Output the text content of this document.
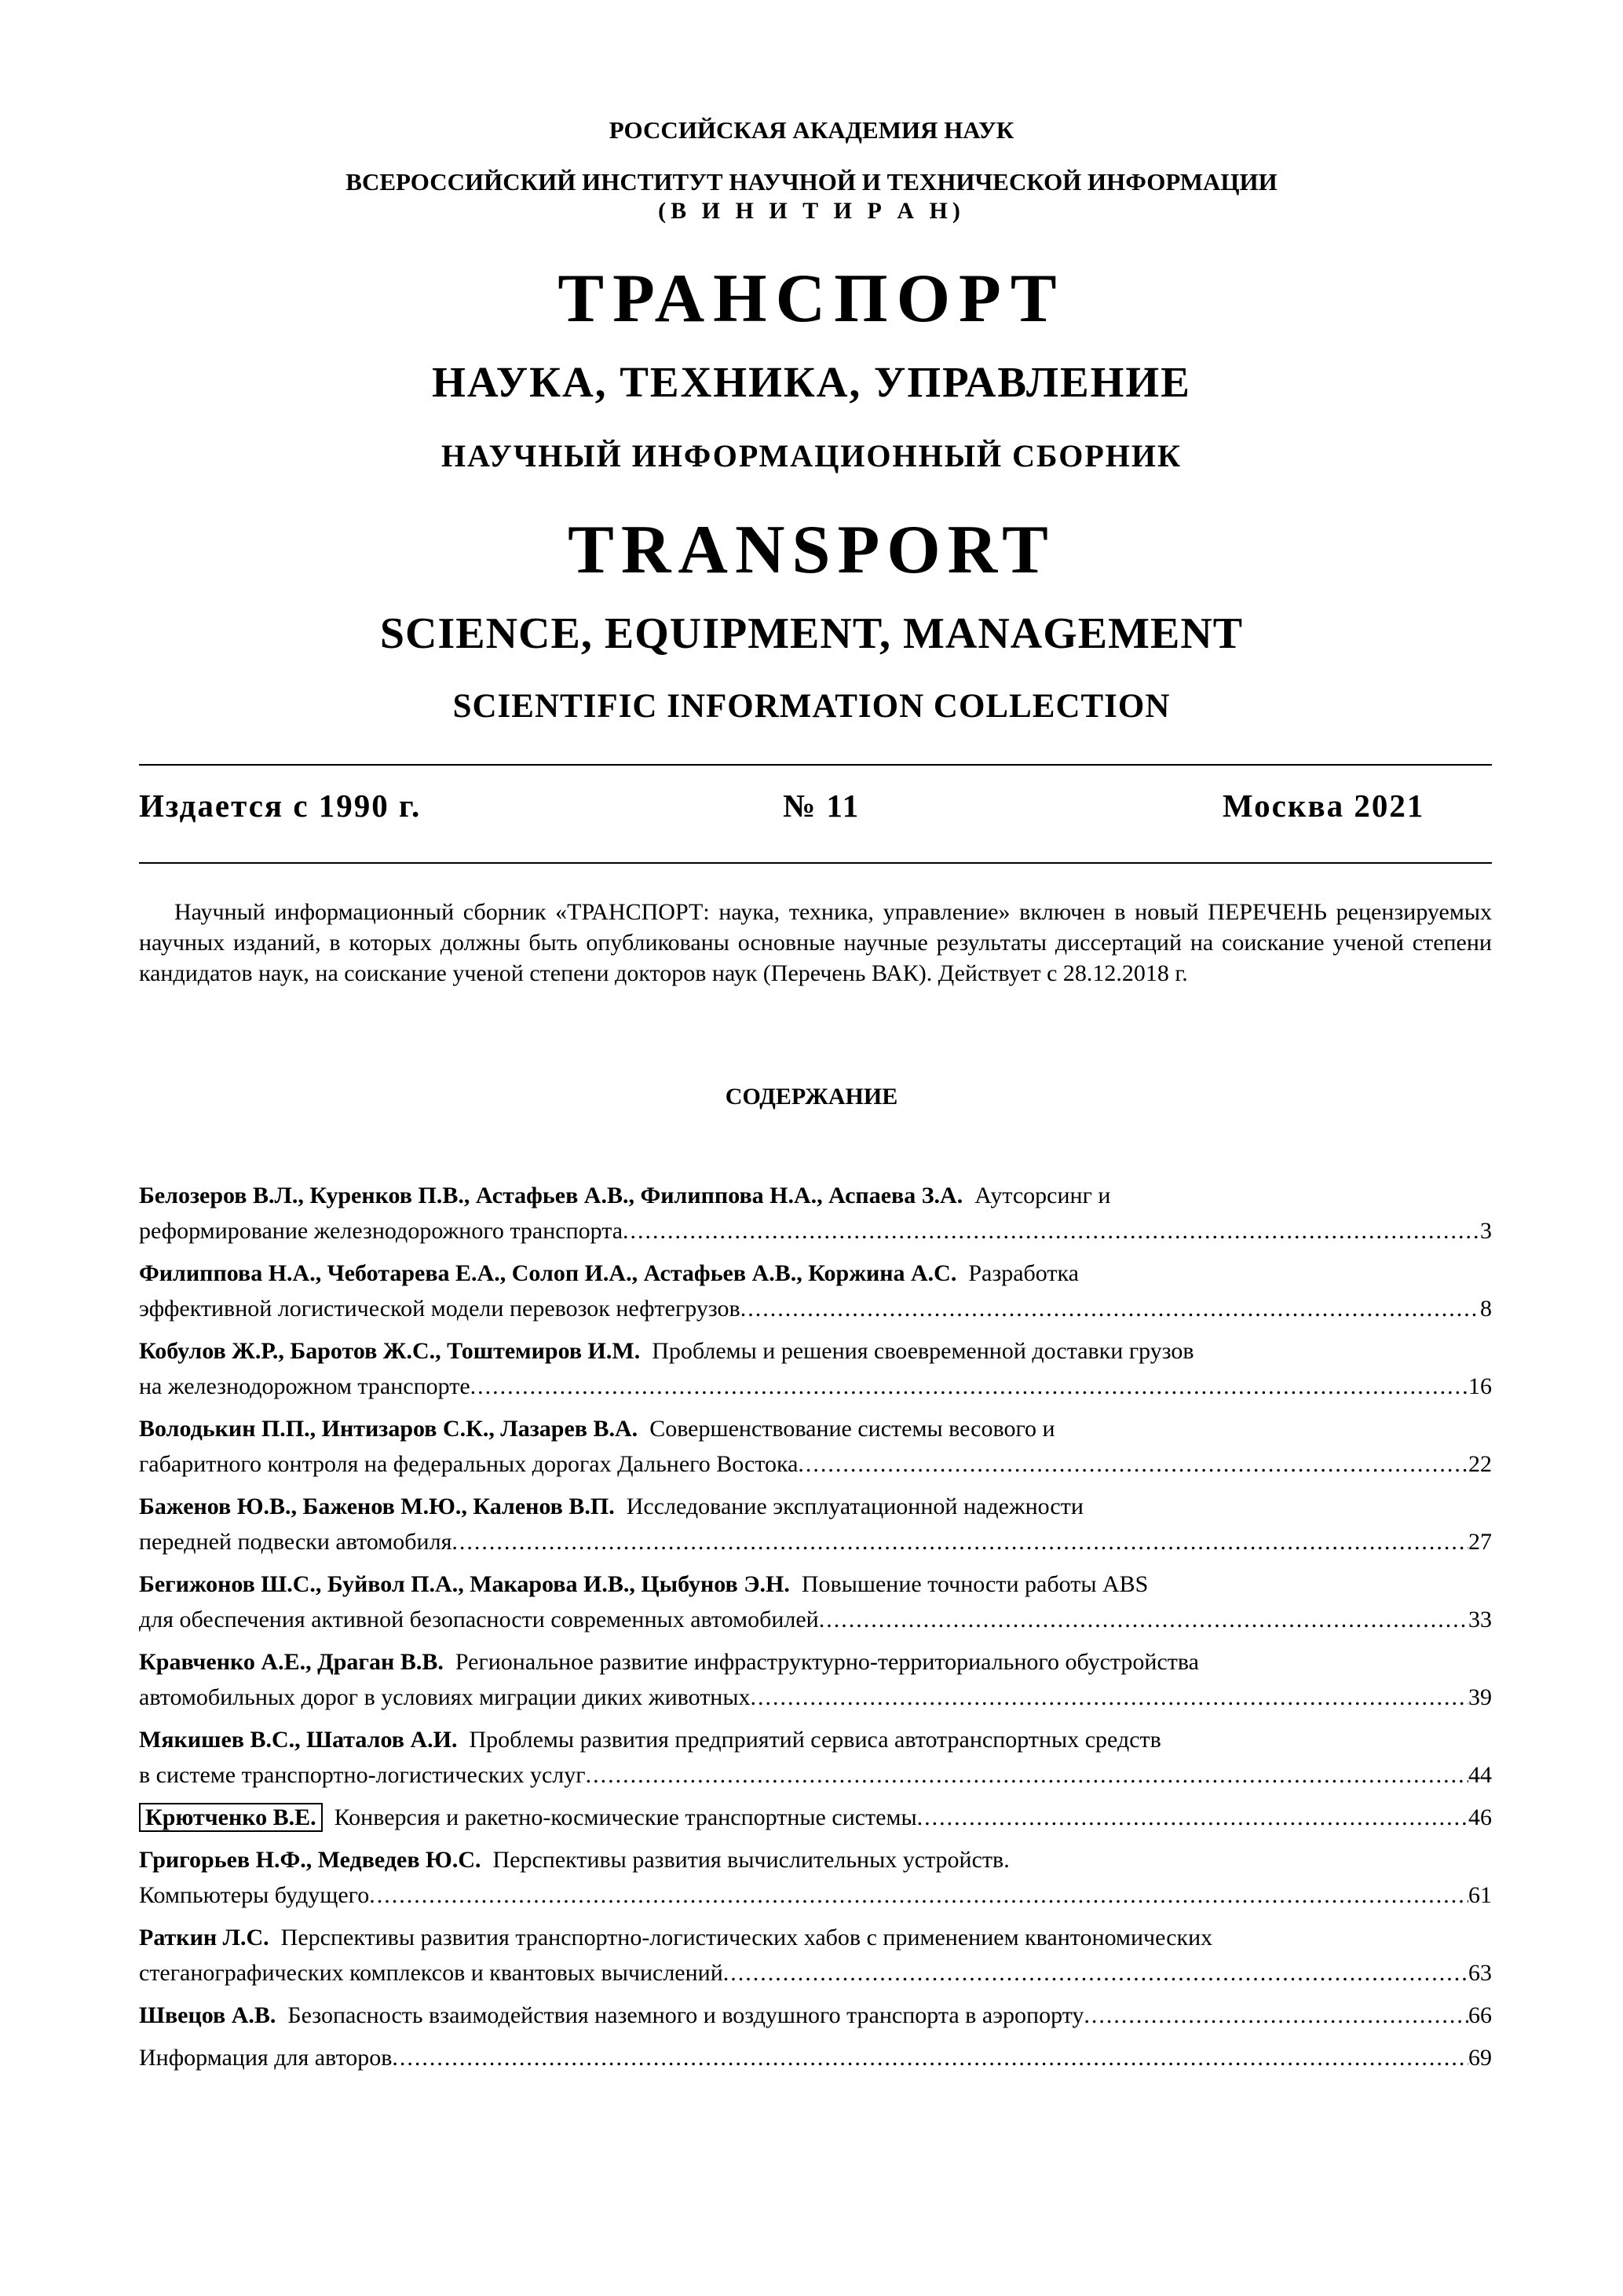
РОССИЙСКАЯ АКАДЕМИЯ НАУК
ВСЕРОССИЙСКИЙ ИНСТИТУТ НАУЧНОЙ И ТЕХНИЧЕСКОЙ ИНФОРМАЦИИ
(В И Н И Т И Р А Н)
ТРАНСПОРТ
НАУКА, ТЕХНИКА, УПРАВЛЕНИЕ
НАУЧНЫЙ ИНФОРМАЦИОННЫЙ СБОРНИК
TRANSPORT
SCIENCE, EQUIPMENT, MANAGEMENT
SCIENTIFIC INFORMATION COLLECTION
Издается с 1990 г.	№ 11	Москва 2021
Научный информационный сборник «ТРАНСПОРТ: наука, техника, управление» включен в новый ПЕРЕЧЕНЬ рецензируемых научных изданий, в которых должны быть опубликованы основные научные результаты диссертаций на соискание ученой степени кандидатов наук, на соискание ученой степени докторов наук (Перечень ВАК). Действует с 28.12.2018 г.
СОДЕРЖАНИЕ
Белозеров В.Л., Куренков П.В., Астафьев А.В., Филиппова Н.А., Аспаева З.А. Аутсорсинг и
реформирование железнодорожного транспорта .....	3
Филиппова Н.А., Чеботарева Е.А., Солоп И.А., Астафьев А.В., Коржина А.С. Разработка
эффективной логистической модели перевозок нефтегрузов .....	8
Кобулов Ж.Р., Баротов Ж.С., Тоштемиров И.М. Проблемы и решения своевременной доставки грузов
на железнодорожном транспорте .....	16
Володькин П.П., Интизаров С.К., Лазарев В.А. Совершенствование системы весового и
габаритного контроля на федеральных дорогах Дальнего Востока .....	22
Баженов Ю.В., Баженов М.Ю., Каленов В.П. Исследование эксплуатационной надежности
передней подвески автомобиля .....	27
Бегижонов Ш.С., Буйвол П.А., Макарова И.В., Цыбунов Э.Н. Повышение точности работы ABS
для обеспечения активной безопасности современных автомобилей .....	33
Кравченко А.Е., Драган В.В. Региональное развитие инфраструктурно-территориального обустройства
автомобильных дорог в условиях миграции диких животных .....	39
Мякишев В.С., Шаталов А.И. Проблемы развития предприятий сервиса автотранспортных средств
в системе транспортно-логистических услуг .....	44
Крютченко В.Е. Конверсия и ракетно-космические транспортные системы .....	46
Григорьев Н.Ф., Медведев Ю.С. Перспективы развития вычислительных устройств.
Компьютеры будущего .....	61
Раткин Л.С. Перспективы развития транспортно-логистических хабов с применением квантономических
стеганографических комплексов и квантовых вычислений .....	63
Швецов А.В. Безопасность взаимодействия наземного и воздушного транспорта в аэропорту .....	66
Информация для авторов .....	69
